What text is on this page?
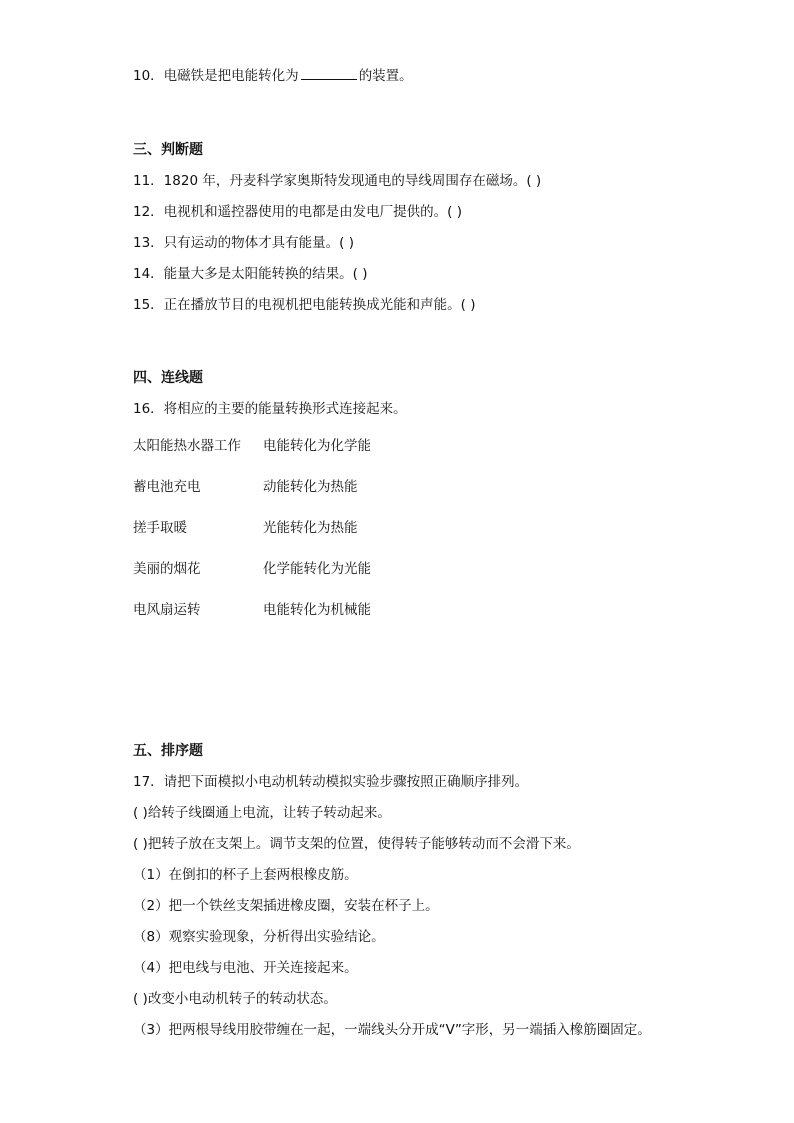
10．电磁铁是把电能转化为	的装置。
三、判断题
11．1820 年，丹麦科学家奥斯特发现通电的导线周围存在磁场。( )
12．电视机和遥控器使用的电都是由发电厂提供的。( )
13．只有运动的物体才具有能量。( )
14．能量大多是太阳能转换的结果。( )
15．正在播放节目的电视机把电能转换成光能和声能。( )
四、连线题
16．将相应的主要的能量转换形式连接起来。
太阳能热水器工作 电能转化为化学能
蓄电池充电	动能转化为热能
搓手取暖	光能转化为热能
美丽的烟花	化学能转化为光能
电风扇运转	电能转化为机械能
五、排序题
17．请把下面模拟小电动机转动模拟实验步骤按照正确顺序排列。
( )给转子线圈通上电流，让转子转动起来。
( )把转子放在支架上。调节支架的位置，使得转子能够转动而不会滑下来。
（1）在倒扣的杯子上套两根橡皮筋。
（2）把一个铁丝支架插进橡皮圈，安装在杯子上。
（8）观察实验现象，分析得出实验结论。
（4）把电线与电池、开关连接起来。
( )改变小电动机转子的转动状态。
（3）把两根导线用胶带缠在一起，一端线头分开成“V”字形，另一端插入橡筋圈固定。
